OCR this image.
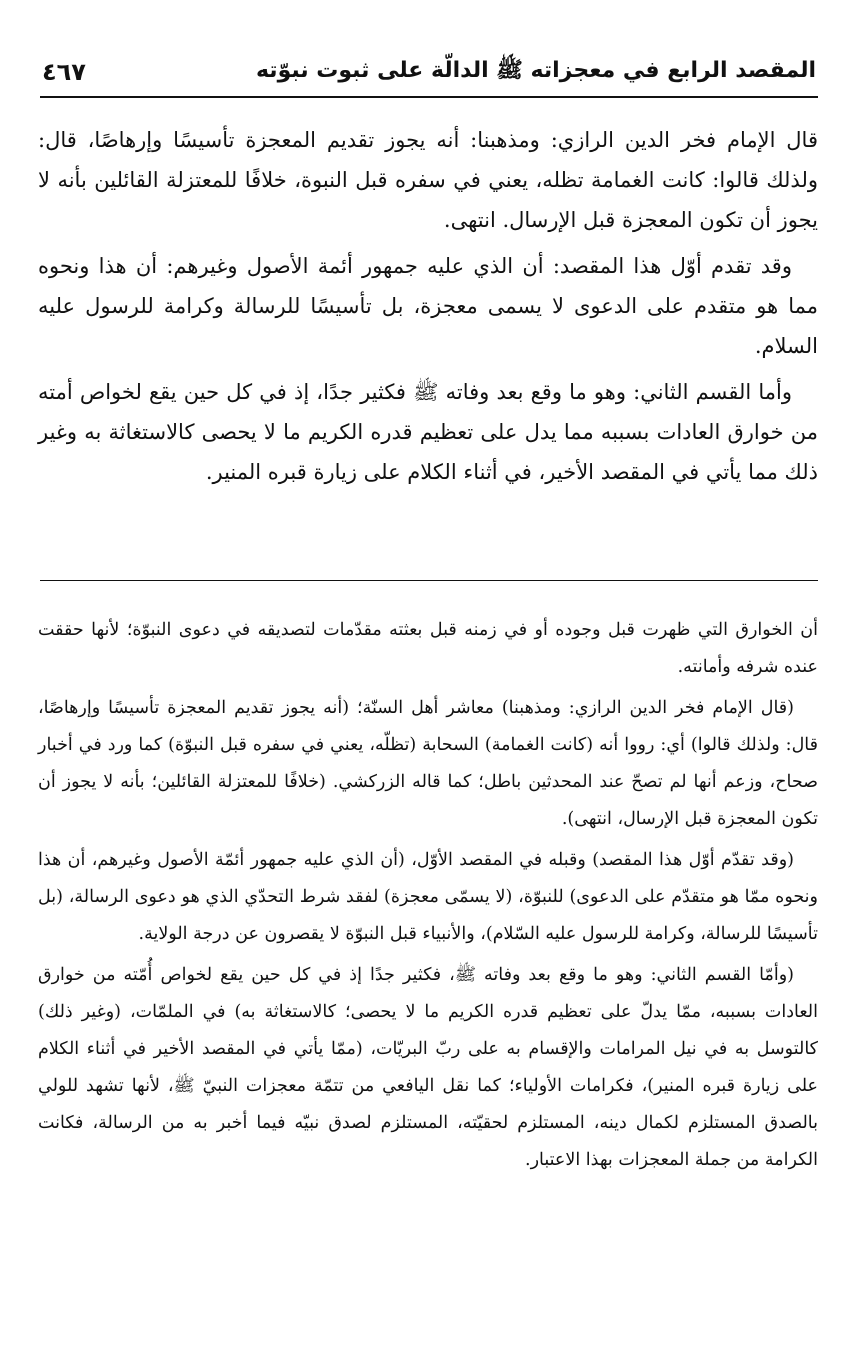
المقصد الرابع في معجزاته ﷺ الدالّة على ثبوت نبوّته
٤٦٧

قال الإمام فخر الدين الرازي: ومذهبنا: أنه يجوز تقديم المعجزة تأسيسًا وإرهاصًا، قال: ولذلك قالوا: كانت الغمامة تظله، يعني في سفره قبل النبوة، خلافًا للمعتزلة القائلين بأنه لا يجوز أن تكون المعجزة قبل الإرسال. انتهى.

وقد تقدم أوّل هذا المقصد: أن الذي عليه جمهور أئمة الأصول وغيرهم: أن هذا ونحوه مما هو متقدم على الدعوى لا يسمى معجزة، بل تأسيسًا للرسالة وكرامة للرسول عليه السلام.

وأما القسم الثاني: وهو ما وقع بعد وفاته ﷺ فكثير جدًا، إذ في كل حين يقع لخواص أمته من خوارق العادات بسببه مما يدل على تعظيم قدره الكريم ما لا يحصى كالاستغاثة به وغير ذلك مما يأتي في المقصد الأخير، في أثناء الكلام على زيارة قبره المنير.

أن الخوارق التي ظهرت قبل وجوده أو في زمنه قبل بعثته مقدّمات لتصديقه في دعوى النبوّة؛ لأنها حققت عنده شرفه وأمانته.

(قال الإمام فخر الدين الرازي: ومذهبنا) معاشر أهل السنّة؛ (أنه يجوز تقديم المعجزة تأسيسًا وإرهاصًا، قال: ولذلك قالوا) أي: رووا أنه (كانت الغمامة) السحابة (تظلّه، يعني في سفره قبل النبوّة) كما ورد في أخبار صحاح، وزعم أنها لم تصحّ عند المحدثين باطل؛ كما قاله الزركشي. (خلافًا للمعتزلة القائلين؛ بأنه لا يجوز أن تكون المعجزة قبل الإرسال، انتهى).

(وقد تقدّم أوّل هذا المقصد) وقبله في المقصد الأوّل، (أن الذي عليه جمهور أئمّة الأصول وغيرهم، أن هذا ونحوه ممّا هو متقدّم على الدعوى) للنبوّة، (لا يسمّى معجزة) لفقد شرط التحدّي الذي هو دعوى الرسالة، (بل تأسيسًا للرسالة، وكرامة للرسول عليه السّلام)، والأنبياء قبل النبوّة لا يقصرون عن درجة الولاية.

(وأمّا القسم الثاني: وهو ما وقع بعد وفاته ﷺ، فكثير جدًا إذ في كل حين يقع لخواص أُمّته من خوارق العادات بسببه، ممّا يدلّ على تعظيم قدره الكريم ما لا يحصى؛ كالاستغاثة به) في الملمّات، (وغير ذلك) كالتوسل به في نيل المرامات والإقسام به على ربّ البريّات، (ممّا يأتي في المقصد الأخير في أثناء الكلام على زيارة قبره المنير)، فكرامات الأولياء؛ كما نقل اليافعي من تتمّة معجزات النبيّ ﷺ، لأنها تشهد للولي بالصدق المستلزم لكمال دينه، المستلزم لحقيّته، المستلزم لصدق نبيّه فيما أخبر به من الرسالة، فكانت الكرامة من جملة المعجزات بهذا الاعتبار.
